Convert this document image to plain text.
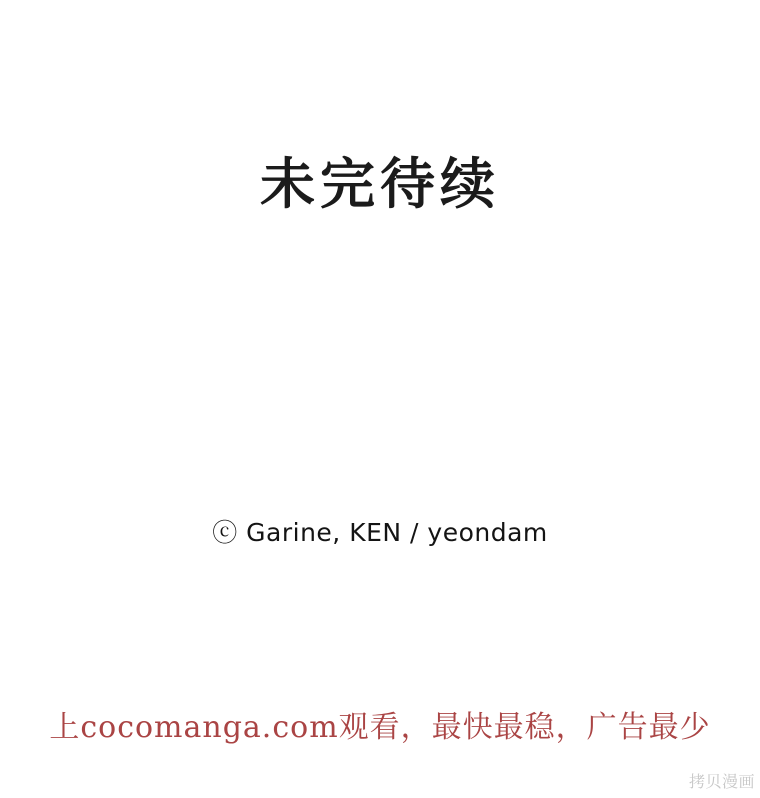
未完待续
ⓒ Garine, KEN / yeondam
上cocomanga.com观看，最快最稳，广告最少
拷贝漫画
